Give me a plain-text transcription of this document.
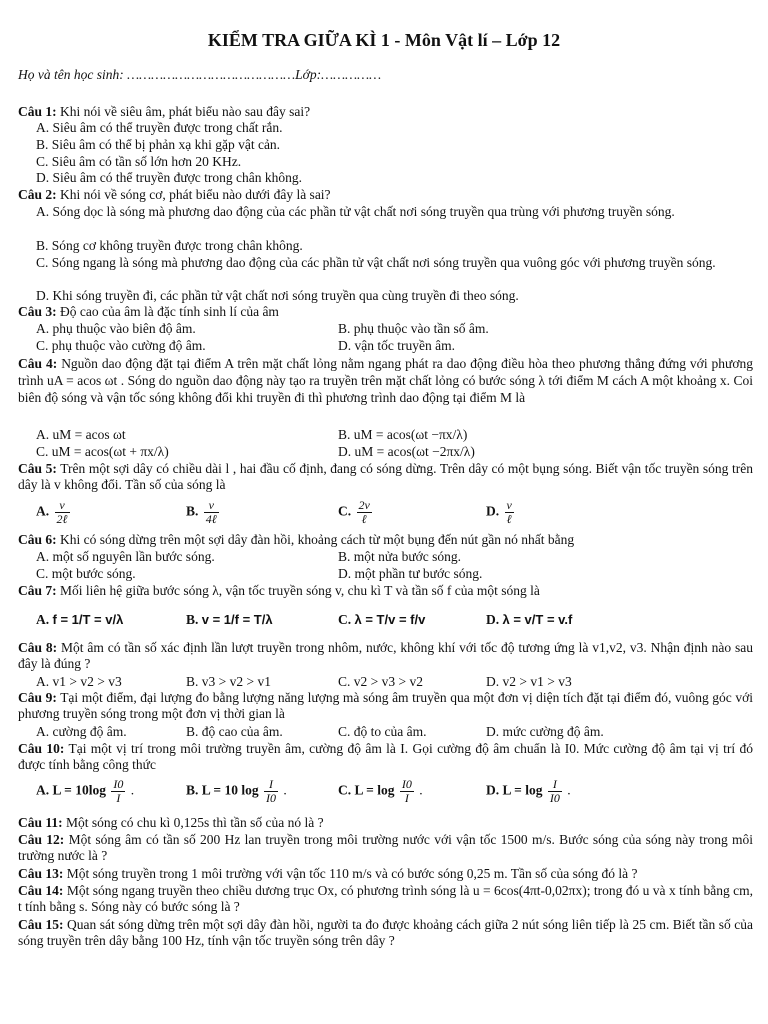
KIỂM TRA GIỮA KÌ 1 - Môn Vật lí – Lớp 12
Họ và tên học sinh: ……………………………………Lớp:……………
Câu 1: Khi nói về siêu âm, phát biểu nào sau đây sai?
A. Siêu âm có thể truyền được trong chất rắn.
B. Siêu âm có thể bị phản xạ khi gặp vật cản.
C. Siêu âm có tần số lớn hơn 20 KHz.
D. Siêu âm có thể truyền được trong chân không.
Câu 2: Khi nói về sóng cơ, phát biểu nào dưới đây là sai?
A. Sóng dọc là sóng mà phương dao động của các phần tử vật chất nơi sóng truyền qua trùng với phương truyền sóng.
B. Sóng cơ không truyền được trong chân không.
C. Sóng ngang là sóng mà phương dao động của các phần tử vật chất nơi sóng truyền qua vuông góc với phương truyền sóng.
D. Khi sóng truyền đi, các phần tử vật chất nơi sóng truyền qua cùng truyền đi theo sóng.
Câu 3: Độ cao của âm là đặc tính sinh lí của âm
A. phụ thuộc vào biên độ âm.	B. phụ thuộc vào tần số âm.
C. phụ thuộc vào cường độ âm.	D. vận tốc truyền âm.
Câu 4: Nguồn dao động đặt tại điểm A trên mặt chất lỏng nằm ngang phát ra dao động điều hòa theo phương thẳng đứng với phương trình uA = acos ωt . Sóng do nguồn dao động này tạo ra truyền trên mặt chất lỏng có bước sóng λ tới điểm M cách A một khoảng x. Coi biên độ sóng và vận tốc sóng không đổi khi truyền đi thì phương trình dao động tại điểm M là
A. uM = acos ωt	B. uM = acos(ωt −πx/λ)
C. uM = acos(ωt + πx/λ)	D. uM = acos(ωt −2πx/λ)
Câu 5: Trên một sợi dây có chiều dài l , hai đầu cố định, đang có sóng dừng. Trên dây có một bụng sóng. Biết vận tốc truyền sóng trên dây là v không đổi. Tần số của sóng là
A. $\frac{v}{\text{2ℓ}}$	B. $\frac{v}{\text{4ℓ}}$	C. $\frac{2v}{\text{ℓ}}$	D. $\frac{v}{\text{ℓ}}$
Câu 6: Khi có sóng dừng trên một sợi dây đàn hồi, khoảng cách từ một bụng đến nút gần nó nhất bằng
A. một số nguyên lần bước sóng.	B. một nửa bước sóng.
C. một bước sóng.	D. một phần tư bước sóng.
Câu 7: Mối liên hệ giữa bước sóng λ, vận tốc truyền sóng v, chu kì T và tần số f của một sóng là
A. f = 1/T = v/λ	B. v = 1/f = T/λ	C. λ = T/v = f/v	D. λ = v/T = v.f
Câu 8: Một âm có tần số xác định lần lượt truyền trong nhôm, nước, không khí với tốc độ tương ứng là v1,v2, v3. Nhận định nào sau đây là đúng ?
A. v1 > v2 > v3	B. v3 > v2 > v1	C. v2 > v3 > v2	D. v2 > v1 > v3
Câu 9: Tại một điểm, đại lượng đo bằng lượng năng lượng mà sóng âm truyền qua một đơn vị diện tích đặt tại điểm đó, vuông góc với phương truyền sóng trong một đơn vị thời gian là
A. cường độ âm.	B. độ cao của âm.	C. độ to của âm.	D. mức cường độ âm.
Câu 10: Tại một vị trí trong môi trường truyền âm, cường độ âm là I. Gọi cường độ âm chuẩn là I0. Mức cường độ âm tại vị trí đó được tính bằng công thức
A. $L = 10\log \frac{I0}{I}$ .	B. L = 10 $\log \frac{I}{I0}$ .	C. $L = \log \frac{I0}{I}$ .	D. $L = \log \frac{I}{I0}$ .
Câu 11: Một sóng có chu kì 0,125s thì tần số của nó là ?
Câu 12: Một sóng âm có tần số 200 Hz lan truyền trong môi trường nước với vận tốc 1500 m/s. Bước sóng của sóng này trong môi trường nước là ?
Câu 13: Một sóng truyền trong 1 môi trường với vận tốc 110 m/s và có bước sóng 0,25 m. Tần số của sóng đó là ?
Câu 14: Một sóng ngang truyền theo chiều dương trục Ox, có phương trình sóng là u = 6cos(4πt-0,02πx); trong đó u và x tính bằng cm, t tính bằng s. Sóng này có bước sóng là ?
Câu 15: Quan sát sóng dừng trên một sợi dây đàn hồi, người ta đo được khoảng cách giữa 2 nút sóng liên tiếp là 25 cm. Biết tần số của sóng truyền trên dây bằng 100 Hz, tính vận tốc truyền sóng trên dây ?
